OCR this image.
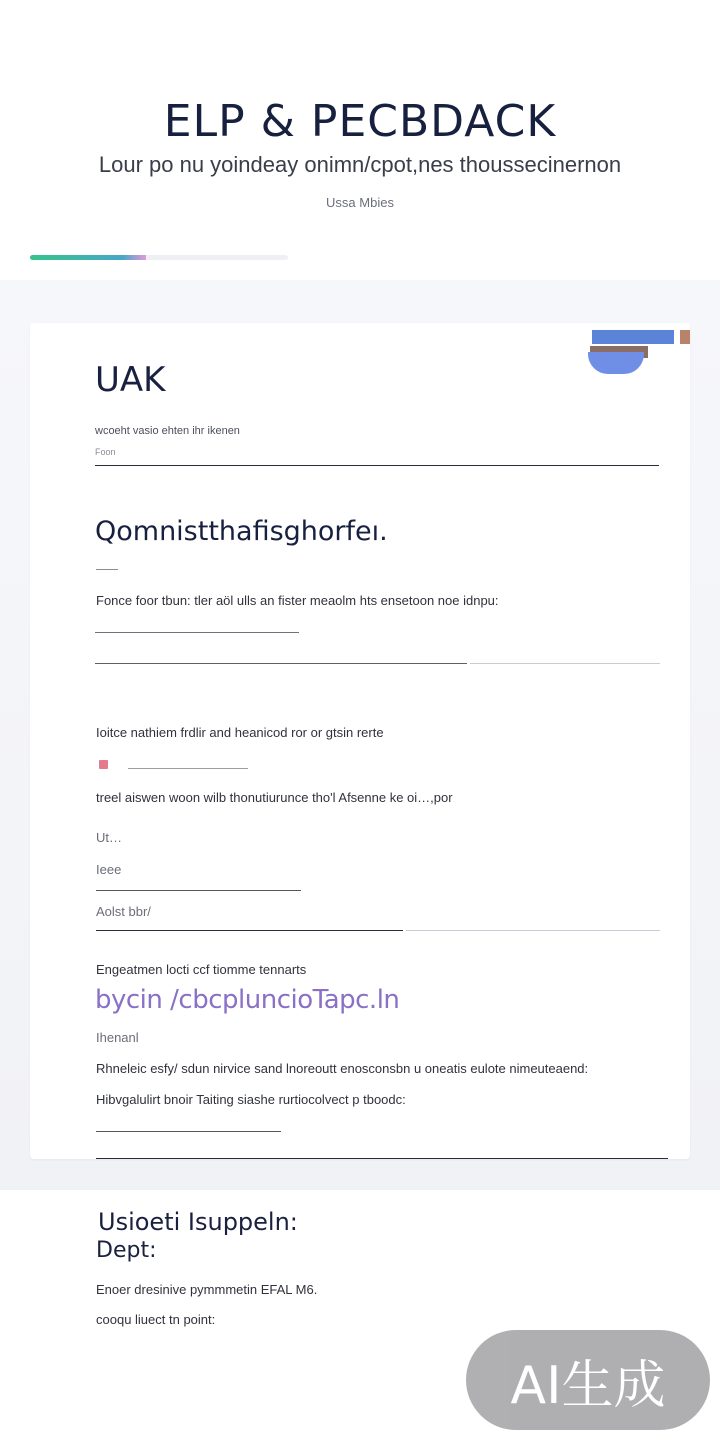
ELP & PECBDACK
Lour po nu yoindeay onimn/cpot,nes thoussecinernon
Ussa Mbies
UAK
wcoeht vasio ehten ihr ikenen
Foon
Qomnistthafisghorfeı.
Fonce foor tbun: tler aöl ulls an fister meaolm hts ensetoon noe idnpu:
Ioitce nathiem frdlir and heanicod ror or gtsin rerte
treel aiswen woon wilb thonutiurunce tho'l Afsenne ke oi…,por
Ut…
Ieee
Aolst bbr/
Engeatmen locti ccf tiomme tennarts
bycin /cbcpluncioTapc.ln
Ihenanl
Rhneleic esfy/ sdun nirvice sand lnoreoutt enosconsbn u oneatis eulote nimeuteaend:
Hibvgalulirt bnoir Taiting siashe rurtiocolvect p tboodc:
Usioeti Isuppeln:
Dept:
Enoer dresinive pymmmetin EFAL M6.
cooqu liuect tn point:
AI生成
